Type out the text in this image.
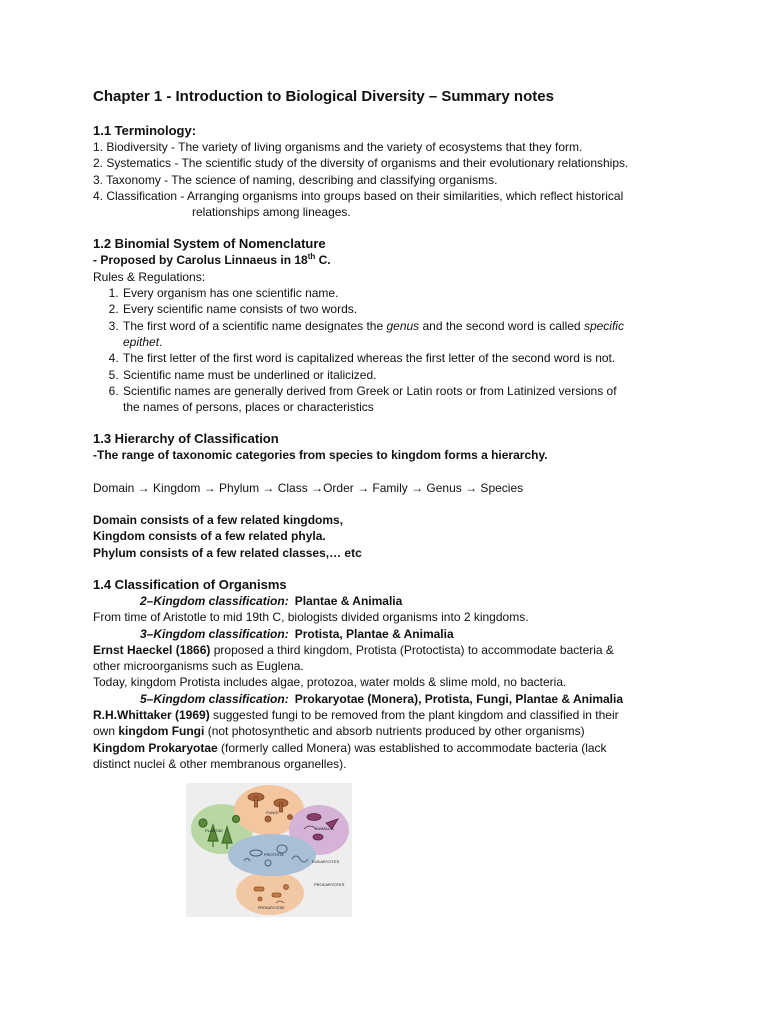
Chapter 1 - Introduction to Biological Diversity – Summary notes

1.1 Terminology:

1. Biodiversity - The variety of living organisms and the variety of ecosystems that they form.

2. Systematics - The scientific study of the diversity of organisms and their evolutionary relationships.

3. Taxonomy - The science of naming, describing and classifying organisms.

4. Classification - Arranging organisms into groups based on their similarities, which reflect historical

relationships among lineages.

1.2 Binomial System of Nomenclature

- Proposed by Carolus Linnaeus in 18th C.

Rules & Regulations:

1. Every organism has one scientific name.
2. Every scientific name consists of two words.
3. The first word of a scientific name designates the genus and the second word is called specific
epithet.
4. The first letter of the first word is capitalized whereas the first letter of the second word is not.
5. Scientific name must be underlined or italicized.
6. Scientific names are generally derived from Greek or Latin roots or from Latinized versions of
the names of persons, places or characteristics

1.3 Hierarchy of Classification

-The range of taxonomic categories from species to kingdom forms a hierarchy.

Domain → Kingdom → Phylum → Class →Order → Family → Genus → Species

Domain consists of a few related kingdoms,

Kingdom consists of a few related phyla.

Phylum consists of a few related classes,… etc

1.4 Classification of Organisms

2–Kingdom classification: Plantae & Animalia

From time of Aristotle to mid 19th C, biologists divided organisms into 2 kingdoms.

3–Kingdom classification: Protista, Plantae & Animalia

Ernst Haeckel (1866) proposed a third kingdom, Protista (Protoctista) to accommodate bacteria &

other microorganisms such as Euglena.

Today, kingdom Protista includes algae, protozoa, water molds & slime mold, no bacteria.

5–Kingdom classification: Prokaryotae (Monera), Protista, Fungi, Plantae & Animalia

R.H.Whittaker (1969) suggested fungi to be removed from the plant kingdom and classified in their

own kingdom Fungi (not photosynthetic and absorb nutrients produced by other organisms)

Kingdom Prokaryotae (formerly called Monera) was established to accommodate bacteria (lack

distinct nuclei & other membranous organelles).

PLANTAE
FUNGI
ANIMALIA
PROTISTA
EUKARYOTES
PROKARYOTES
PROKARYOTAE
